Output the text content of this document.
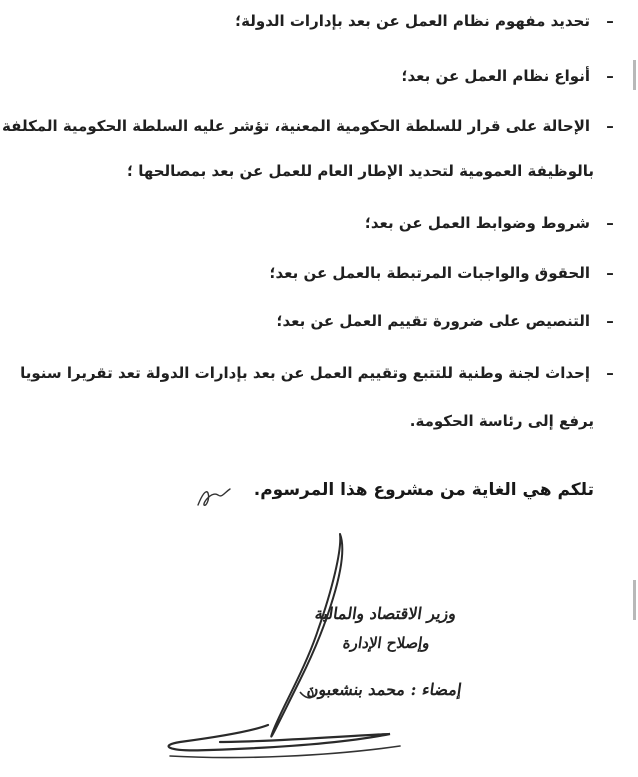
–تحديد مفهوم نظام العمل عن بعد بإدارات الدولة؛
–أنواع نظام العمل عن بعد؛
–الإحالة على قرار للسلطة الحكومية المعنية، تؤشر عليه السلطة الحكومية المكلفة
بالوظيفة العمومية لتحديد الإطار العام للعمل عن بعد بمصالحها ؛
–شروط وضوابط العمل عن بعد؛
–الحقوق والواجبات المرتبطة بالعمل عن بعد؛
–التنصيص على ضرورة تقييم العمل عن بعد؛
–إحداث لجنة وطنية للتتبع وتقييم العمل عن بعد بإدارات الدولة تعد تقريرا سنويا
يرفع إلى رئاسة الحكومة.
تلكم هي الغاية من مشروع هذا المرسوم.
وزير الاقتصاد والمالية
وإصلاح الإدارة
إمضاء : محمد بنشعبون
